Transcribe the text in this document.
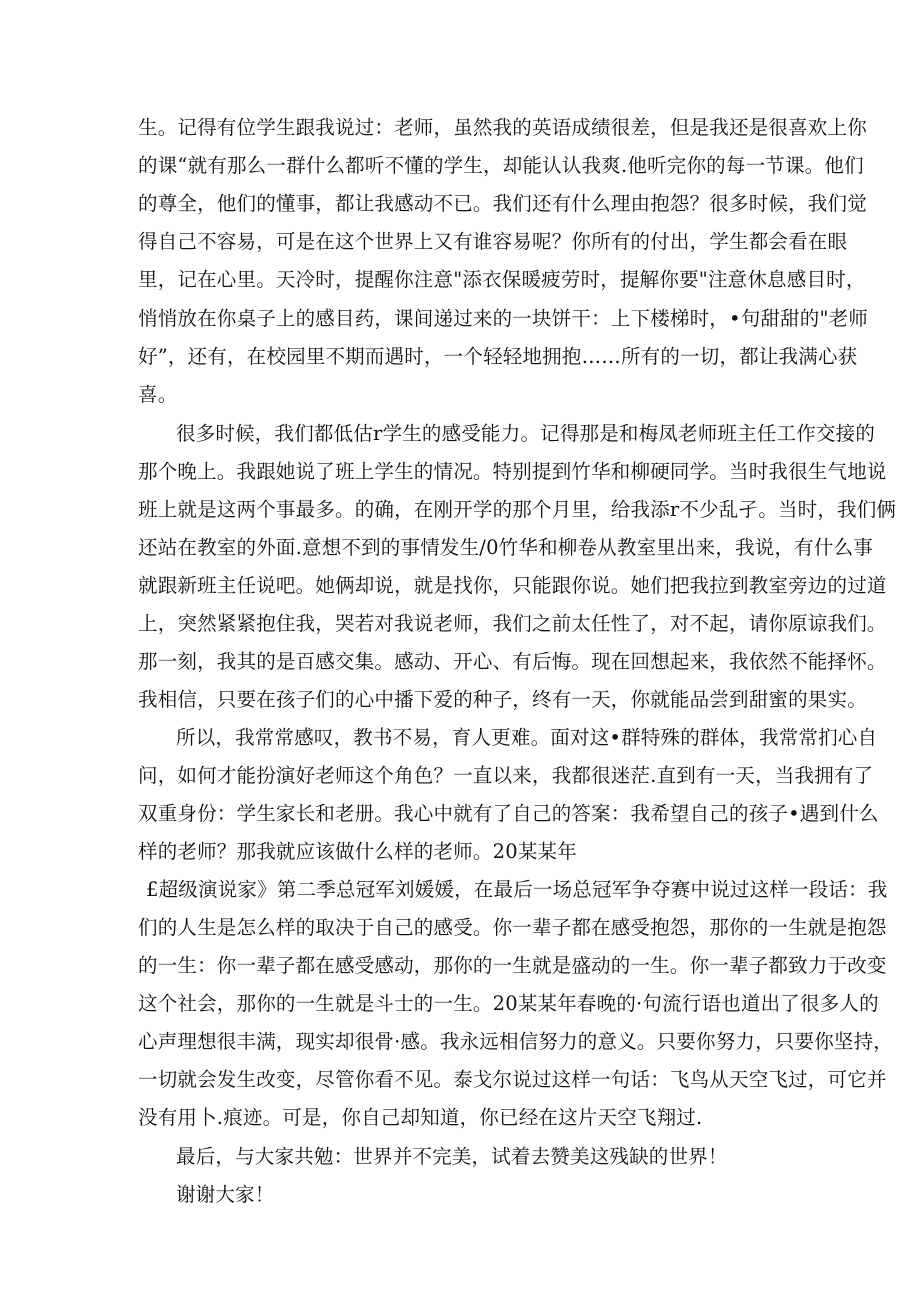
生。记得有位学生跟我说过：老师，虽然我的英语成绩很差，但是我还是很喜欢上你
的课“就有那么一群什么都听不懂的学生，却能认认我爽.他听完你的每一节课。他们
的尊全，他们的懂事，都让我感动不已。我们还有什么理由抱怨？很多时候，我们觉
得自己不容易，可是在这个世界上又有谁容易呢？你所有的付出，学生都会看在眼
里，记在心里。天冷时，提醒你注意"添衣保暖疲劳时，提解你要"注意休息感目时，
悄悄放在你桌子上的感目药，课间递过来的一块饼干：上下楼梯时，•句甜甜的"老师
好”，还有，在校园里不期而遇时，一个轻轻地拥抱……所有的一切，都让我满心获
喜。
很多时候，我们都低估r学生的感受能力。记得那是和梅凤老师班主任工作交接的
那个晚上。我跟她说了班上学生的情况。特别提到竹华和柳硬同学。当时我很生气地说
班上就是这两个事最多。的确，在刚开学的那个月里，给我添r不少乱孑。当时，我们俩
还站在教室的外面.意想不到的事情发生/0竹华和柳卷从教室里出来，我说，有什么事
就跟新班主任说吧。她俩却说，就是找你，只能跟你说。她们把我拉到教室旁边的过道
上，突然紧紧抱住我，哭若对我说老师，我们之前太任性了，对不起，请你原谅我们。
那一刻，我其的是百感交集。感动、开心、有后悔。现在回想起来，我依然不能择怀。
我相信，只要在孩子们的心中播下爱的种子，终有一天，你就能品尝到甜蜜的果实。
所以，我常常感叹，教书不易，育人更难。面对这•群特殊的群体，我常常扪心自
问，如何才能扮演好老师这个角色？一直以来，我都很迷茫.直到有一天，当我拥有了
双重身份：学生家长和老册。我心中就有了自己的答案：我希望自己的孩子•遇到什么
样的老师？那我就应该做什么样的老师。20某某年
£超级演说家》第二季总冠军刘媛媛，在最后一场总冠军争夺赛中说过这样一段话：我
们的人生是怎么样的取决于自己的感受。你一辈子都在感受抱怨，那你的一生就是抱怨
的一生：你一辈子都在感受感动，那你的一生就是盛动的一生。你一辈子都致力于改变
这个社会，那你的一生就是斗士的一生。20某某年春晚的·句流行语也道出了很多人的
心声理想很丰满，现实却很骨·感。我永远相信努力的意义。只要你努力，只要你坚持，
一切就会发生改变，尽管你看不见。泰戈尔说过这样一句话：飞鸟从天空飞过，可它并
没有用卜.痕迹。可是，你自己却知道，你已经在这片天空飞翔过.
最后，与大家共勉：世界并不完美，试着去赞美这残缺的世界！
谢谢大家！
